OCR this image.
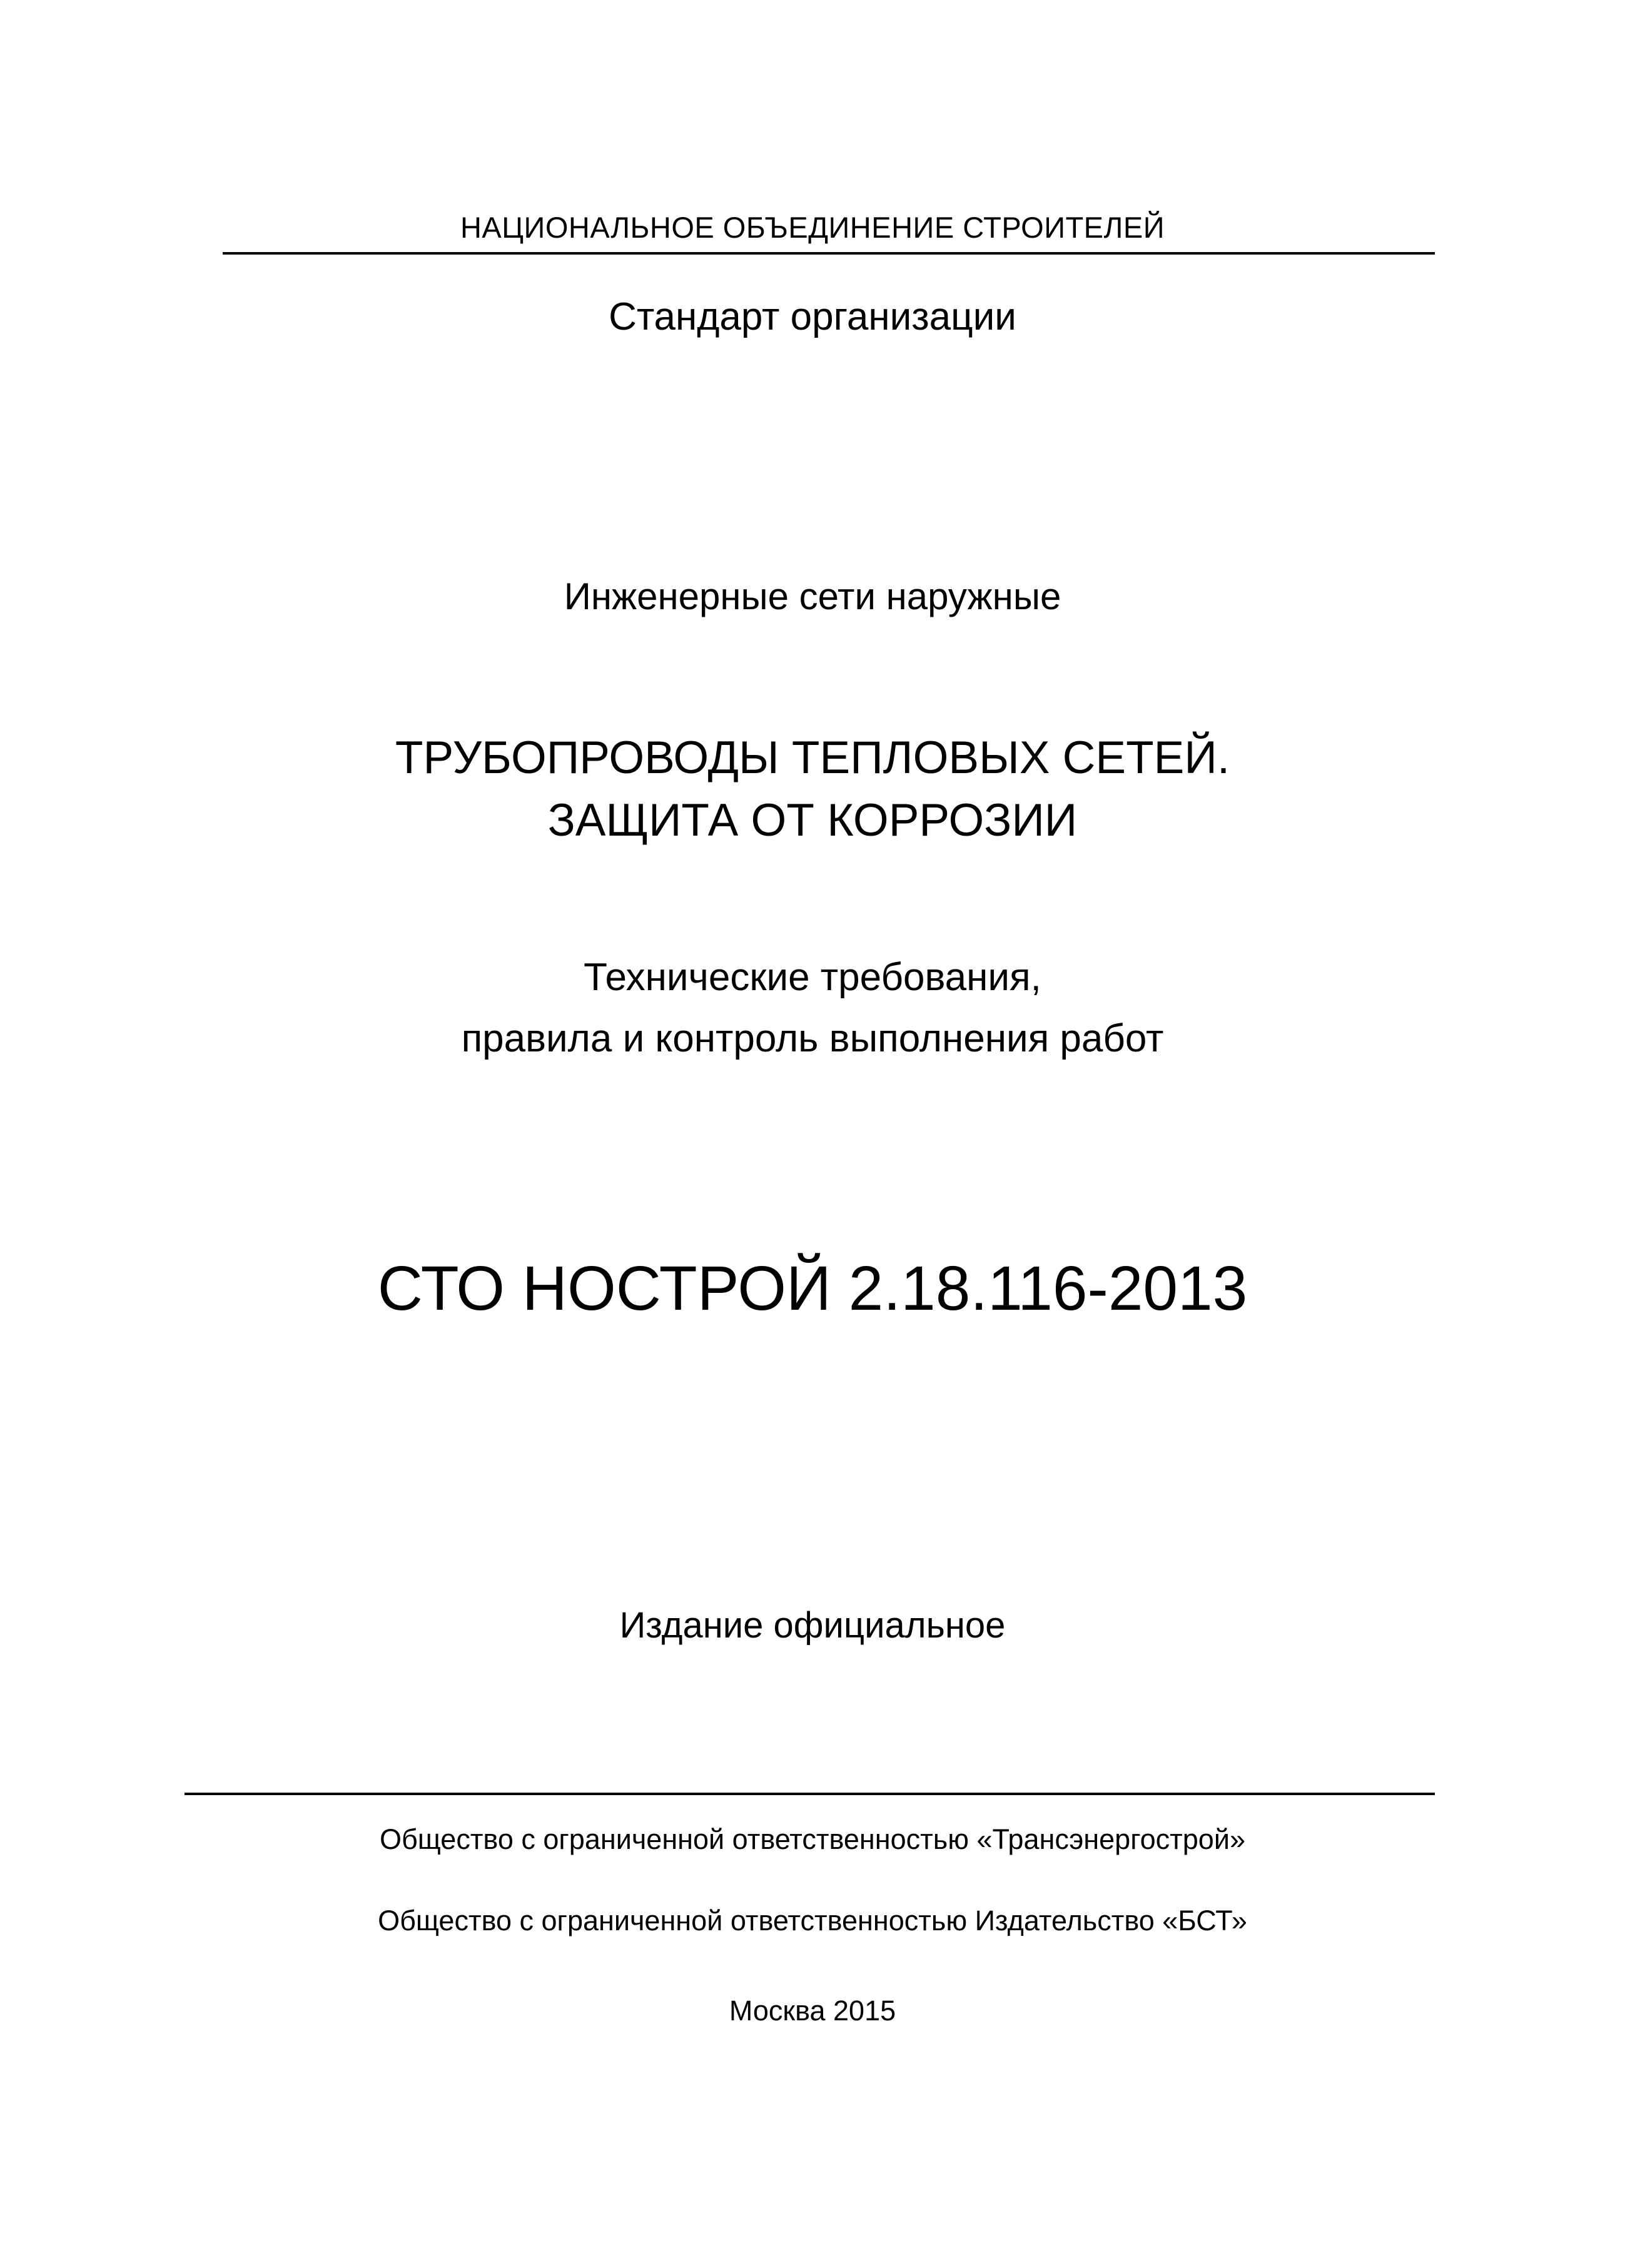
НАЦИОНАЛЬНОЕ ОБЪЕДИНЕНИЕ СТРОИТЕЛЕЙ
Стандарт организации
Инженерные сети наружные
ТРУБОПРОВОДЫ ТЕПЛОВЫХ СЕТЕЙ.
ЗАЩИТА ОТ КОРРОЗИИ
Технические требования,
правила и контроль выполнения работ
СТО НОСТРОЙ 2.18.116-2013
Издание официальное
Общество с ограниченной ответственностью «Трансэнергострой»
Общество с ограниченной ответственностью Издательство «БСТ»
Москва 2015
